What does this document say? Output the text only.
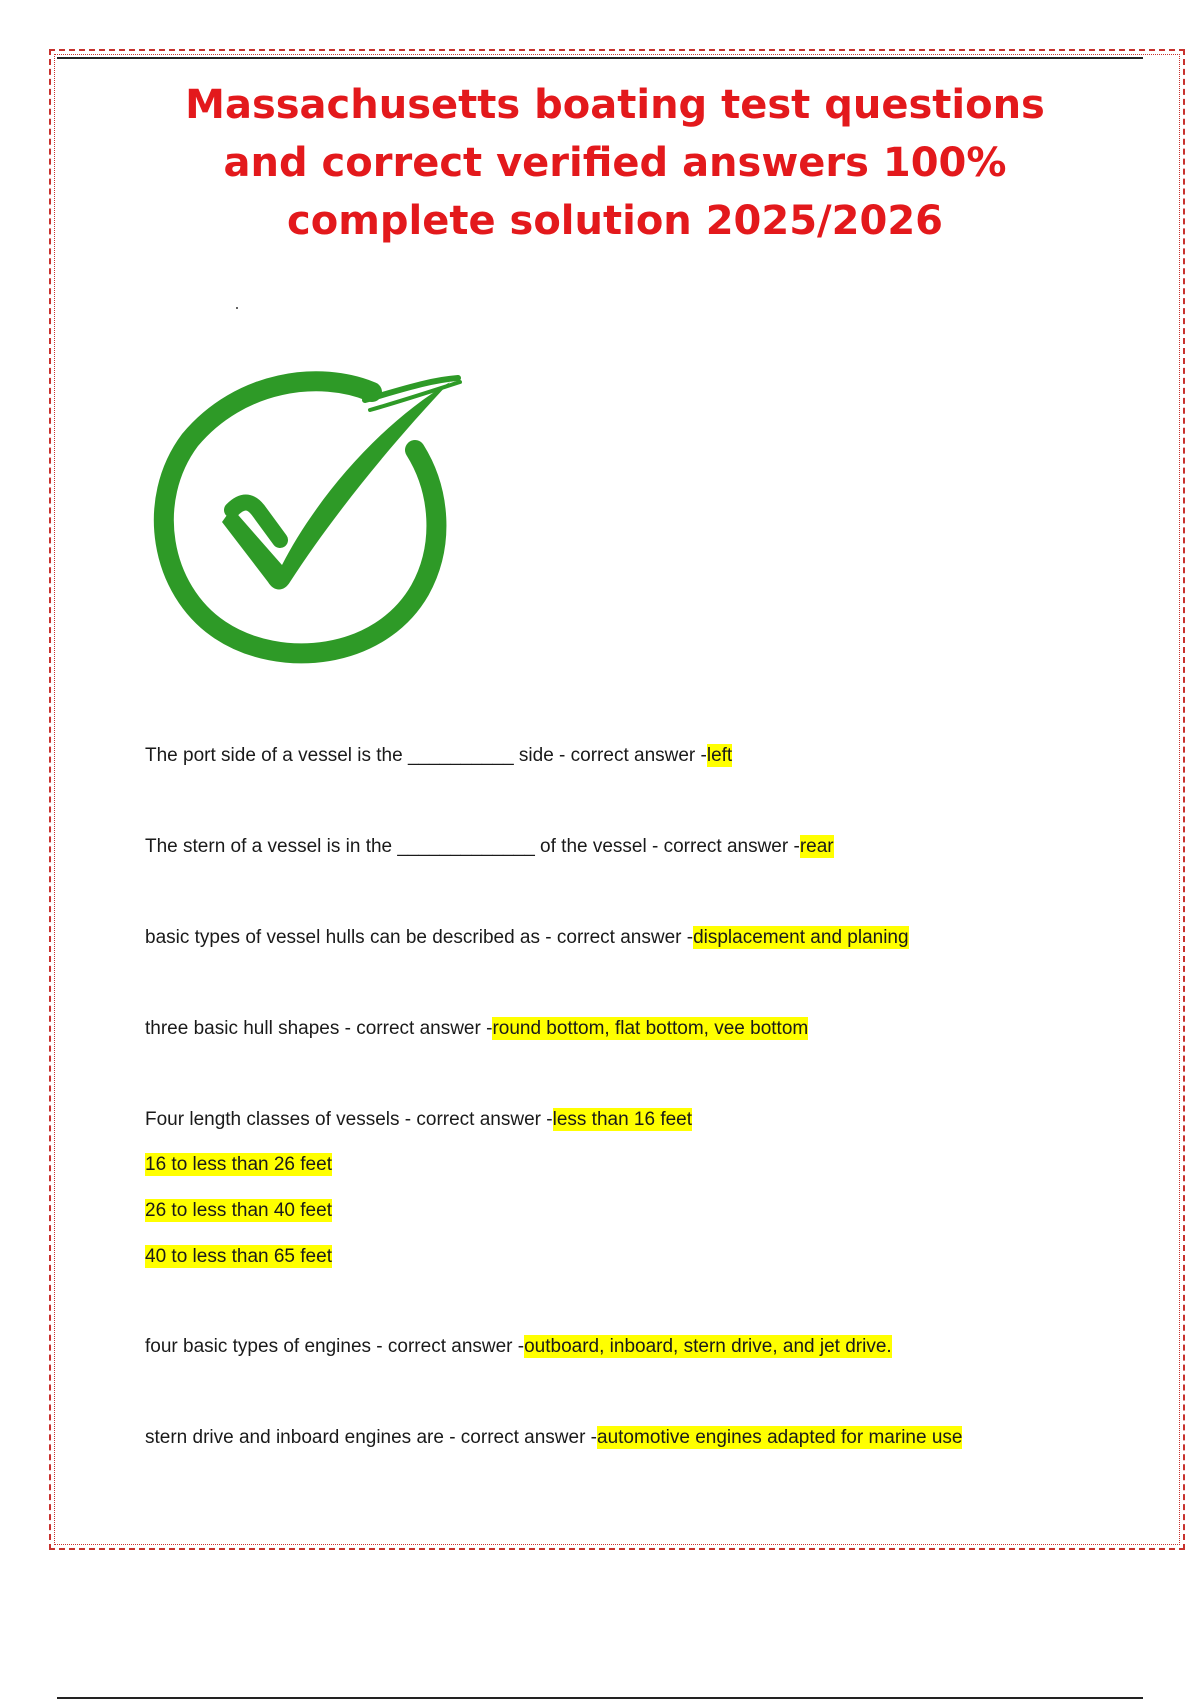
Massachusetts boating test questions and correct verified answers 100% complete solution 2025/2026
The port side of a vessel is the __________ side - correct answer -left
The stern of a vessel is in the _____________ of the vessel - correct answer -rear
basic types of vessel hulls can be described as - correct answer -displacement and planing
three basic hull shapes - correct answer -round bottom, flat bottom, vee bottom
Four length classes of vessels - correct answer -less than 16 feet
16 to less than 26 feet
26 to less than 40 feet
40 to less than 65 feet
four basic types of engines - correct answer -outboard, inboard, stern drive, and jet drive.
stern drive and inboard engines are - correct answer -automotive engines adapted for marine use
